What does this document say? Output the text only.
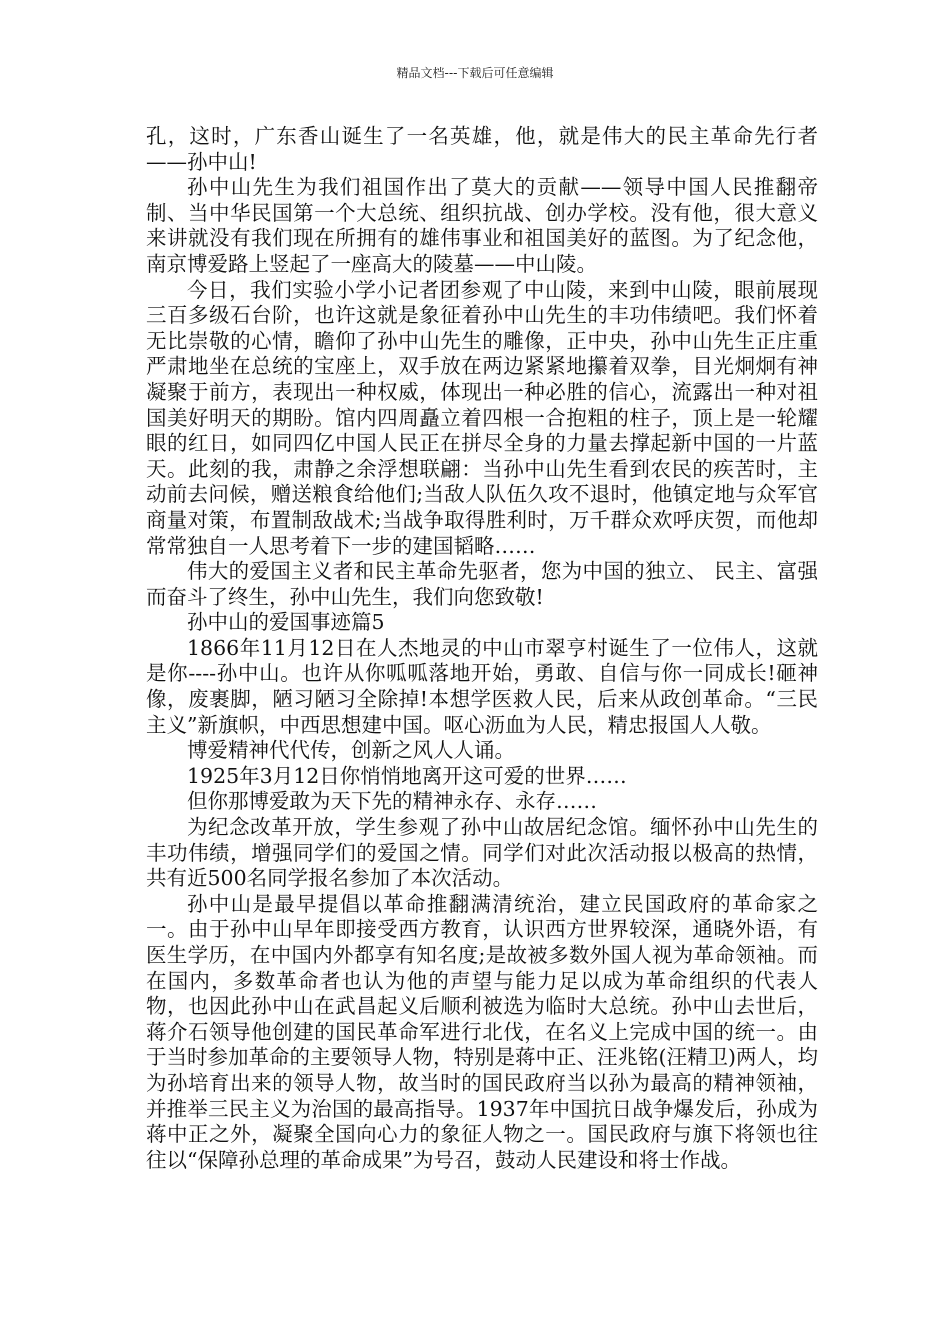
精品文档---下载后可任意编辑

孔，这时，广东香山诞生了一名英雄，他，就是伟大的民主革命先行者——孙中山!

孙中山先生为我们祖国作出了莫大的贡献——领导中国人民推翻帝制、当中华民国第一个大总统、组织抗战、创办学校。没有他，很大意义来讲就没有我们现在所拥有的雄伟事业和祖国美好的蓝图。为了纪念他，南京博爱路上竖起了一座高大的陵墓——中山陵。

今日，我们实验小学小记者团参观了中山陵，来到中山陵，眼前展现三百多级石台阶，也许这就是象征着孙中山先生的丰功伟绩吧。我们怀着无比崇敬的心情，瞻仰了孙中山先生的雕像，正中央，孙中山先生正庄重严肃地坐在总统的宝座上，双手放在两边紧紧地攥着双拳，目光炯炯有神凝聚于前方，表现出一种权威，体现出一种必胜的信心，流露出一种对祖国美好明天的期盼。馆内四周矗立着四根一合抱粗的柱子，顶上是一轮耀眼的红日，如同四亿中国人民正在拼尽全身的力量去撑起新中国的一片蓝天。此刻的我，肃静之余浮想联翩：当孙中山先生看到农民的疾苦时，主动前去问候，赠送粮食给他们;当敌人队伍久攻不退时，他镇定地与众军官商量对策，布置制敌战术;当战争取得胜利时，万千群众欢呼庆贺，而他却常常独自一人思考着下一步的建国韬略……

伟大的爱国主义者和民主革命先驱者，您为中国的独立、 民主、富强而奋斗了终生，孙中山先生，我们向您致敬!

孙中山的爱国事迹篇5

1866年11月12日在人杰地灵的中山市翠亨村诞生了一位伟人，这就是你----孙中山。也许从你呱呱落地开始，勇敢、自信与你一同成长!砸神像，废裹脚，陋习陋习全除掉!本想学医救人民，后来从政创革命。“三民主义”新旗帜，中西思想建中国。呕心沥血为人民，精忠报国人人敬。

博爱精神代代传，创新之风人人诵。

1925年3月12日你悄悄地离开这可爱的世界……

但你那博爱敢为天下先的精神永存、永存……

为纪念改革开放，学生参观了孙中山故居纪念馆。缅怀孙中山先生的丰功伟绩，增强同学们的爱国之情。同学们对此次活动报以极高的热情，共有近500名同学报名参加了本次活动。

孙中山是最早提倡以革命推翻满清统治，建立民国政府的革命家之一。由于孙中山早年即接受西方教育，认识西方世界较深，通晓外语，有医生学历，在中国内外都享有知名度;是故被多数外国人视为革命领袖。而在国内，多数革命者也认为他的声望与能力足以成为革命组织的代表人物，也因此孙中山在武昌起义后顺利被选为临时大总统。孙中山去世后，蒋介石领导他创建的国民革命军进行北伐，在名义上完成中国的统一。由于当时参加革命的主要领导人物，特别是蒋中正、汪兆铭(汪精卫)两人，均为孙培育出来的领导人物，故当时的国民政府当以孙为最高的精神领袖，并推举三民主义为治国的最高指导。1937年中国抗日战争爆发后，孙成为蒋中正之外，凝聚全国向心力的象征人物之一。国民政府与旗下将领也往往以“保障孙总理的革命成果”为号召，鼓动人民建设和将士作战。
